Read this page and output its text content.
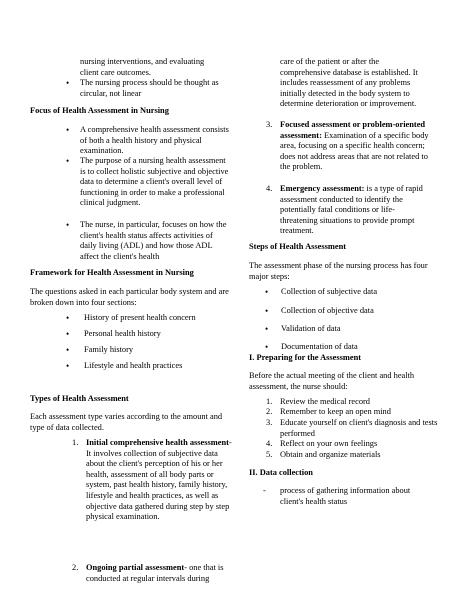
nursing interventions, and evaluating
client care outcomes.
• The nursing process should be thought as circular, not linear

Focus of Health Assessment in Nursing

• A comprehensive health assessment consists of both a health history and physical examination.
• The purpose of a nursing health assessment is to collect holistic subjective and objective data to determine a client's overall level of functioning in order to make a professional clinical judgment.
• The nurse, in particular, focuses on how the client's health status affects activities of daily living (ADL) and how those ADL affect the client's health

Framework for Health Assessment in Nursing

The questions asked in each particular body system and are broken down into four sections:

• History of present health concern
• Personal health history
• Family history
• Lifestyle and health practices

Types of Health Assessment

Each assessment type varies according to the amount and type of data collected.

1. Initial comprehensive health assessment- It involves collection of subjective data about the client's perception of his or her health, assessment of all body parts or system, past health history, family history, lifestyle and health practices, as well as objective data gathered during step by step physical examination.
2. Ongoing partial assessment- one that is conducted at regular intervals during
care of the patient or after the comprehensive database is established. It includes reassessment of any problems initially detected in the body system to determine deterioration or improvement.
3. Focused assessment or problem-oriented assessment: Examination of a specific body area, focusing on a specific health concern; does not address areas that are not related to the problem.
4. Emergency assessment: is a type of rapid assessment conducted to identify the potentially fatal conditions or life-threatening situations to provide prompt treatment.

Steps of Health Assessment

The assessment phase of the nursing process has four major steps:

• Collection of subjective data
• Collection of objective data
• Validation of data
• Documentation of data

I. Preparing for the Assessment

Before the actual meeting of the client and health assessment, the nurse should:

1. Review the medical record
2. Remember to keep an open mind
3. Educate yourself on client's diagnosis and tests performed
4. Reflect on your own feelings
5. Obtain and organize materials

II. Data collection

- process of gathering information about client's health status
